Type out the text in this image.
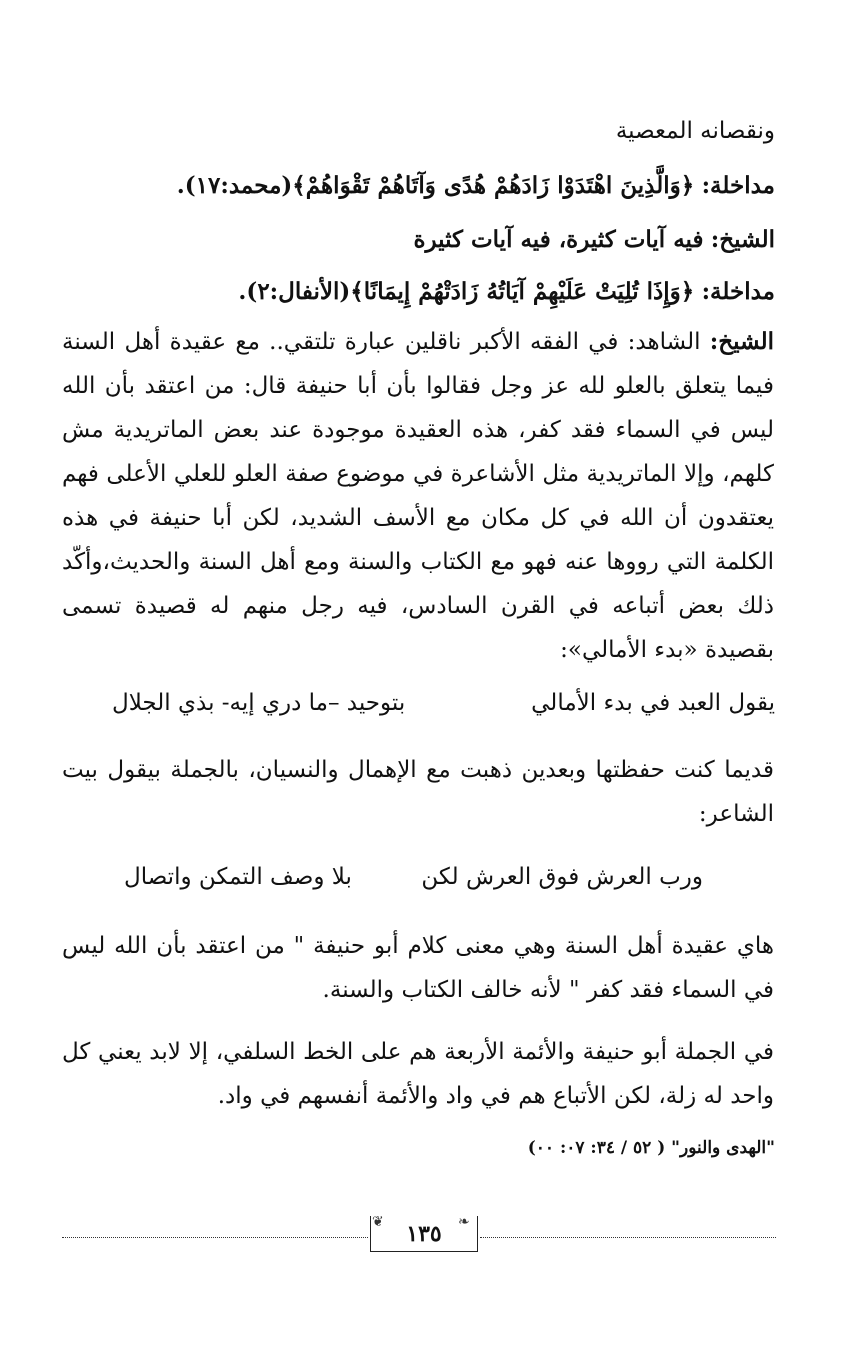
ونقصانه المعصية
مداخلة: ﴿وَالَّذِينَ اهْتَدَوْا زَادَهُمْ هُدًى وَآتَاهُمْ تَقْوَاهُمْ﴾(محمد:١٧).
الشيخ: فيه آيات كثيرة، فيه آيات كثيرة
مداخلة: ﴿وَإِذَا تُلِيَتْ عَلَيْهِمْ آيَاتُهُ زَادَتْهُمْ إِيمَانًا﴾(الأنفال:٢).
الشيخ: الشاهد: في الفقه الأكبر ناقلين عبارة تلتقي.. مع عقيدة أهل السنة فيما يتعلق بالعلو لله عز وجل فقالوا بأن أبا حنيفة قال: من اعتقد بأن الله ليس في السماء فقد كفر، هذه العقيدة موجودة عند بعض الماتريدية مش كلهم، وإلا الماتريدية مثل الأشاعرة في موضوع صفة العلو للعلي الأعلى فهم يعتقدون أن الله في كل مكان مع الأسف الشديد، لكن أبا حنيفة في هذه الكلمة التي رووها عنه فهو مع الكتاب والسنة ومع أهل السنة والحديث،وأكّد ذلك بعض أتباعه في القرن السادس، فيه رجل منهم له قصيدة تسمى بقصيدة «بدء الأمالي»:
يقول العبد في بدء الأمالي
بتوحيد –ما دري إيه- بذي الجلال
قديما كنت حفظتها وبعدين ذهبت مع الإهمال والنسيان، بالجملة بيقول بيت الشاعر:
ورب العرش فوق العرش لكن
بلا وصف التمكن واتصال
هاي عقيدة أهل السنة وهي معنى كلام أبو حنيفة " من اعتقد بأن الله ليس في السماء فقد كفر " لأنه خالف الكتاب والسنة.
في الجملة أبو حنيفة والأئمة الأربعة هم على الخط السلفي، إلا لابد يعني كل واحد له زلة، لكن الأتباع هم في واد والأئمة أنفسهم في واد.
"الهدى والنور" ( ٥٢ / ٣٤: ٠٧: ٠٠)
❦	❧
١٣٥
